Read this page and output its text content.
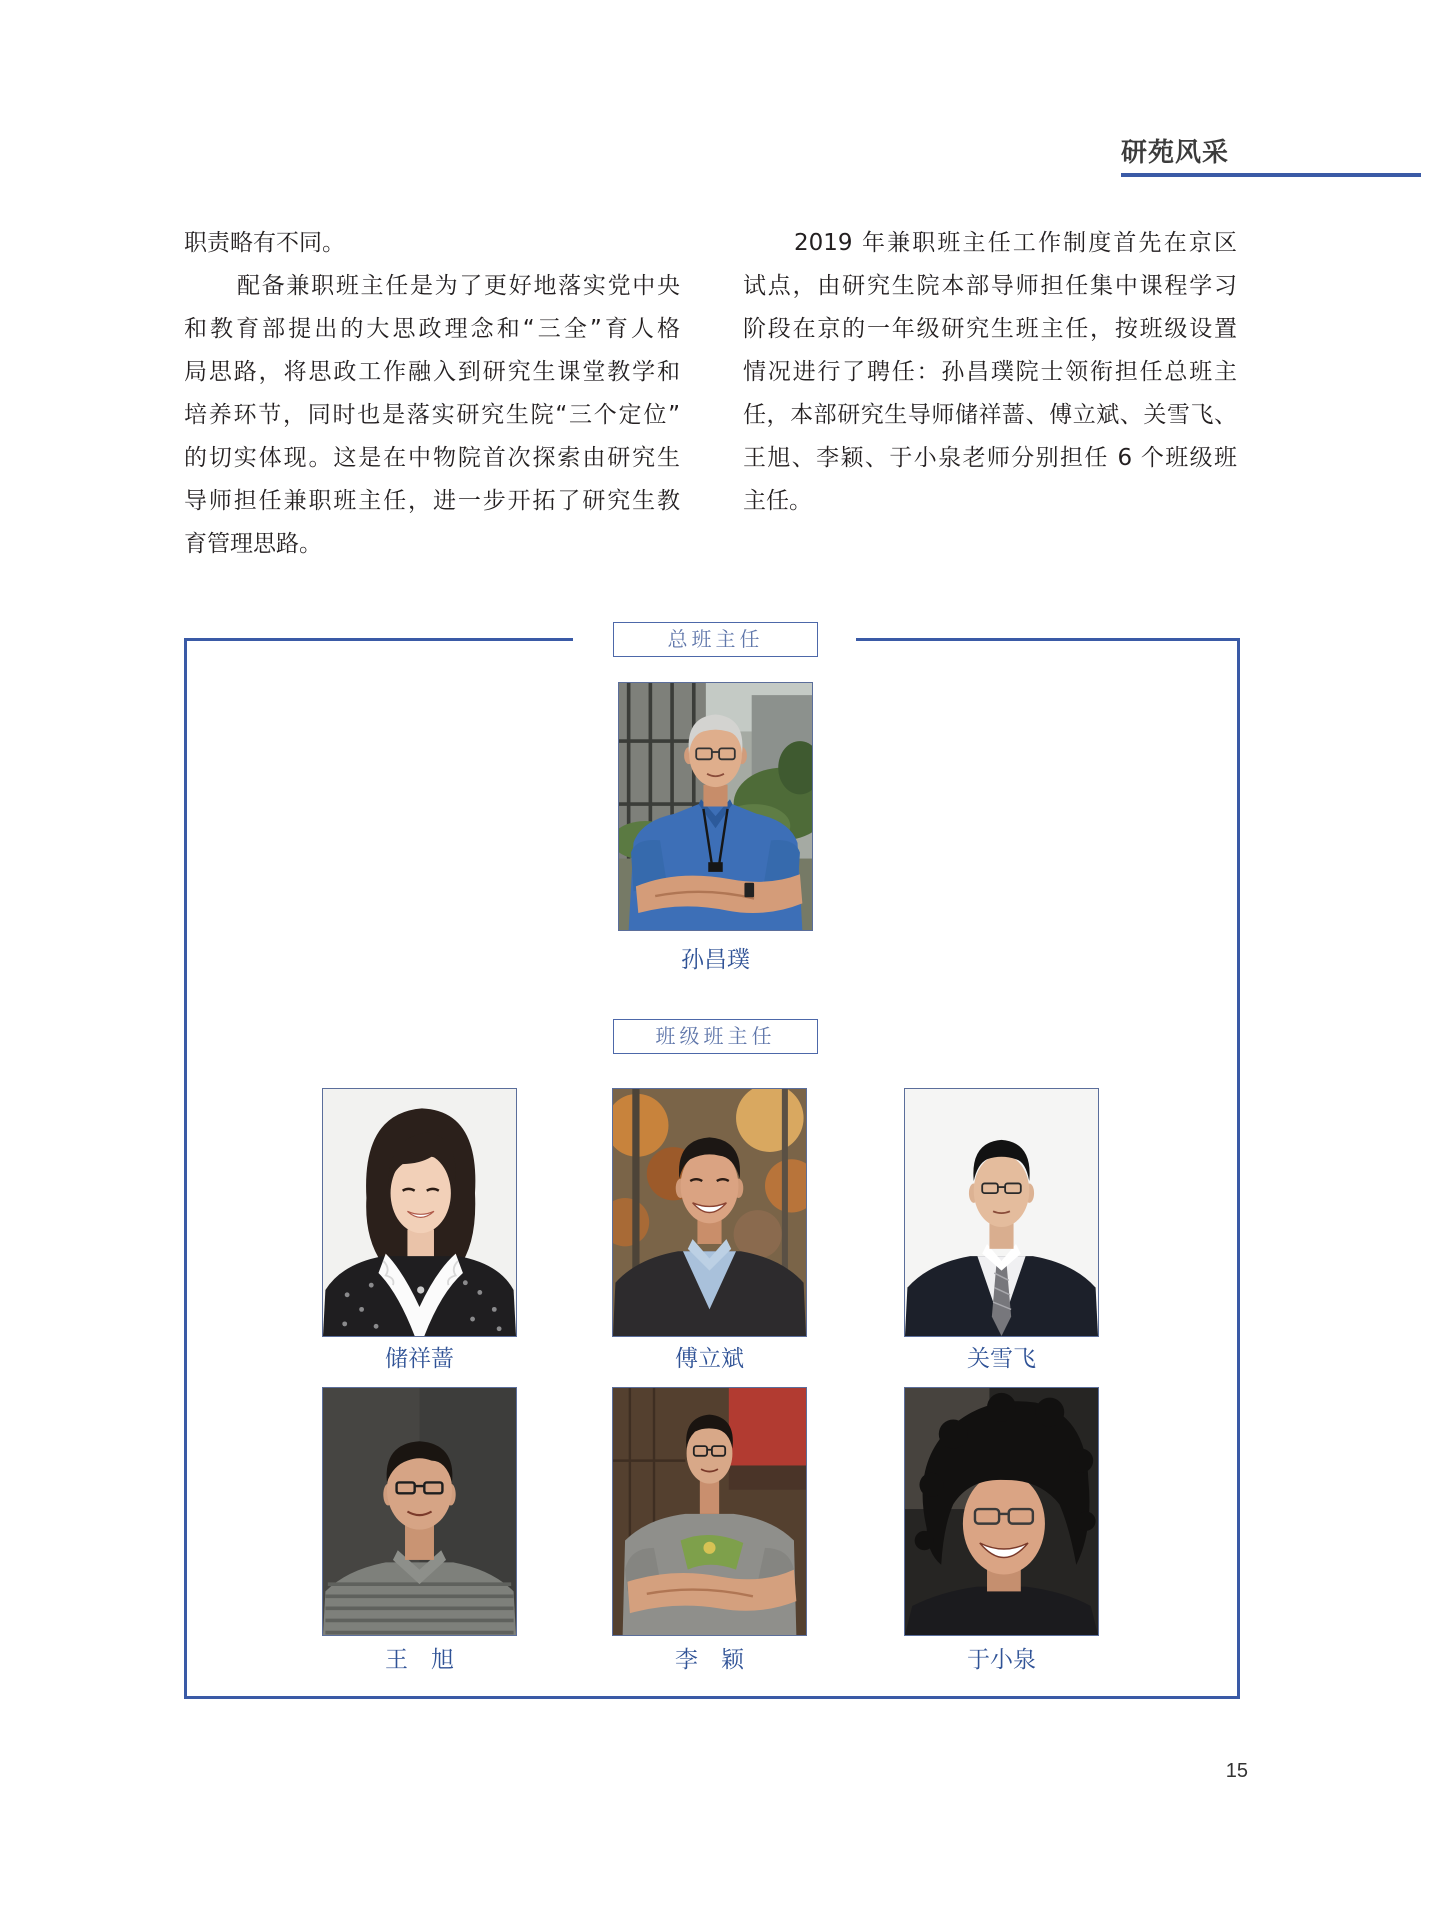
研苑风采
职责略有不同。
配备兼职班主任是为了更好地落实党中央
和教育部提出的大思政理念和“三全”育人格
局思路，将思政工作融入到研究生课堂教学和
培养环节，同时也是落实研究生院“三个定位”
的切实体现。这是在中物院首次探索由研究生
导师担任兼职班主任，进一步开拓了研究生教
育管理思路。
2019 年兼职班主任工作制度首先在京区
试点，由研究生院本部导师担任集中课程学习
阶段在京的一年级研究生班主任，按班级设置
情况进行了聘任：孙昌璞院士领衔担任总班主
任，本部研究生导师储祥蔷、傅立斌、关雪飞、
王旭、李颖、于小泉老师分别担任 6 个班级班
主任。
总班主任
孙昌璞
班级班主任
储祥蔷	傅立斌	关雪飞
王　旭	李　颖	于小泉
15
